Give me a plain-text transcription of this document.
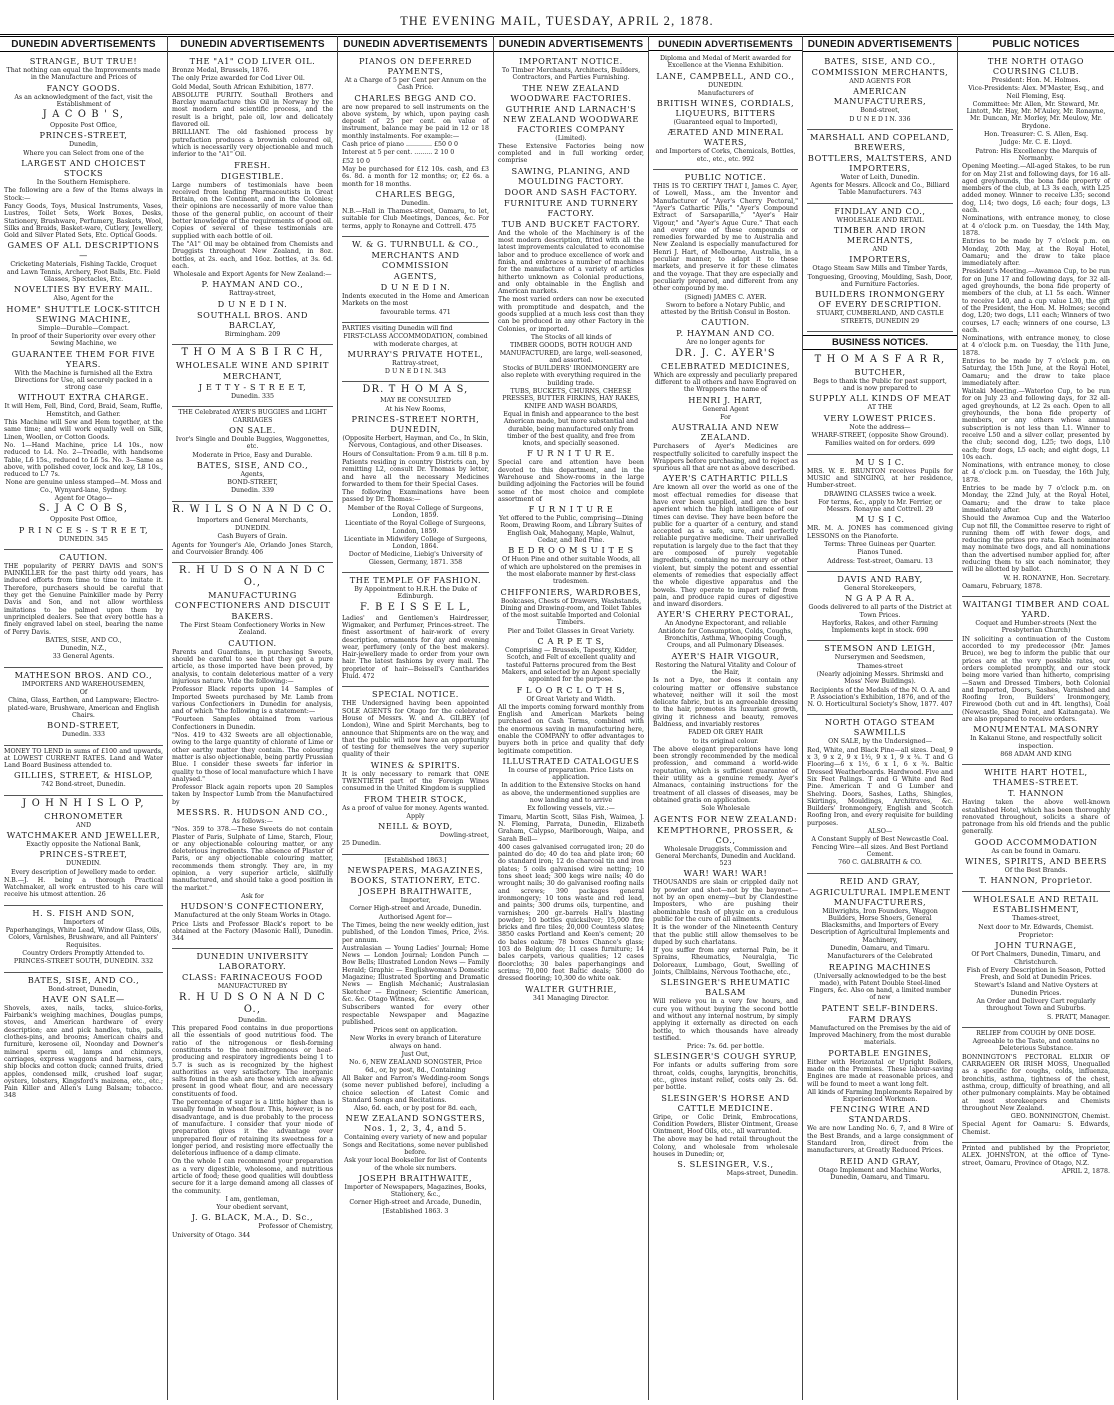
THE EVENING MAIL, TUESDAY, APRIL 2, 1878.
DUNEDIN ADVERTISEMENTS

STRANGE, BUT TRUE!

That nothing can equal the Improvements made in the Manufacture and Prices of

FANCY GOODS.

As an acknowledgment of the fact, visit the Establishment of

J A C O B ' S,

Opposite Post Office,

PRINCES-STREET,

Dunedin,

Where you can Select from one of the

LARGEST AND CHOICEST STOCKS

In the Southern Hemisphere.

The following are a few of the Items always in Stock:—

Fancy Goods, Toys, Musical Instruments, Vases, Lustres, Toilet Sets, Work Boxes, Desks, Stationery, Brushware, Perfumery, Baskets, Wool, Silks and Braids, Basket-ware, Cutlery, Jewellery, Gold and Silver Plated Sets, Etc. Optical Goods.

GAMES OF ALL DESCRIPTIONS—

Cricketing Materials, Fishing Tackle, Croquet and Lawn Tennis, Archery, Foot Balls, Etc. Field Glasses, Spectacles, Etc.

NOVELTIES BY EVERY MAIL.

Also, Agent for the

HOME" SHUTTLE LOCK-STITCH SEWING MACHINE,

Simple—Durable—Compact.

In proof of their Superiority over every other Sewing Machine, we

GUARANTEE THEM FOR FIVE YEARS.

With the Machine is furnished all the Extra Directions for Use, all securely packed in a strong case

WITHOUT EXTRA CHARGE.

It will Hem, Fell, Bind, Cord, Braid, Seam, Ruffle, Hemstitch, and Gather.

This Machine will Sew and Hem together, at the same time; and will work equally well on Silk, Linen, Woollen, or Cotton Goods.

No. 1—Hand Machine, price L4 10s., now reduced to L4. No. 2—Treadle, with handsome Table, L6 15s., reduced to L6 5s. No. 3—Same as above, with polished cover, lock and key, L8 10s., reduced to L7 7s.

None are genuine unless stamped—M. Moss and Co., Wynyard-lane, Sydney.

Agent for Otago—

S. J A C O B S,

Opposite Post Office,

P R I N C E S - S T R E E T,

DUNEDIN. 345

CAUTION.

THE popularity of PERRY DAVIS and SON'S PAINKILLER for the past thirty odd years, has induced efforts from time to time to imitate it. Therefore, purchasers should be careful that they get the Genuine Painkiller made by Perry Davis and Son, and not allow worthless imitations to be palmed upon them by unprincipled dealers. See that every bottle has a finely engraved label on steel, bearing the name of Perry Davis.

BATES, SISE, AND CO.,

Dunedin, N.Z.,

33 General Agents.

MATHESON BROS. AND CO.,

IMPORTERS AND WAREHOUSEMEN,

Of

China, Glass, Earthen, and Lampware; Electro-plated-ware, Brushware, American and English Chairs.

BOND-STREET,

Dunedin. 333

MONEY TO LEND in sums of £100 and upwards, at LOWEST CURRENT RATES. Land and Water Land Board Business attended to.

GILLIES, STREET, & HISLOP,

742 Bond-street, Dunedin.

J O H N H I S L O P,

CHRONOMETER

AND

WATCHMAKER AND JEWELLER,

Exactly opposite the National Bank,

PRINCES-STREET,

DUNEDIN.

Every description of Jewellery made to order.

N.B.—J. H. being a thorough Practical Watchmaker, all work entrusted to his care will receive his utmost attention. 26

H. S. FISH AND SON,

Importers of

Paperhangings, White Lead, Window Glass, Oils, Colors, Varnishes, Brushware, and all Painters' Requisites.

Country Orders Promptly Attended to.

PRINCES-STREET SOUTH, DUNEDIN. 332

BATES, SISE, AND CO.,

Bond-street, Dunedin,

HAVE ON SALE—

Shovels, axes, nails, tacks, sluice-forks, Fairbank's weighing machines, Douglas pumps, stoves, and American hardware of every description; axe and pick handles, tubs, pails, clothes-pins, and brooms; American chairs and furniture, kerosene oil, Noonday and Downer's mineral sperm oil, lamps and chimneys, carriages, express waggons and harness, cars, ship blocks and cotton duck; canned fruits, dried apples, condensed milk, crushed loaf sugar, oysters, lobsters, Kingsford's maizena, etc., etc.; Pain Killer and Allen's Lung Balsam; tobacco. 348

DUNEDIN ADVERTISEMENTS

THE "A1" COD LIVER OIL.

Bronze Medal, Brussels, 1876.

The only Prize awarded for Cod Liver Oil.

Gold Medal, South African Exhibition, 1877.

ABSOLUTE PURITY. Southall Brothers and Barclay manufacture this Oil in Norway by the most modern and scientific process, and the result is a bright, pale oil, low and delicately flavored oil.

BRILLIANT. The old fashioned process by putrefaction produces a brownish coloured oil, which is necessarily very objectionable and much inferior to the "A1" Oil.

FRESH.

DIGESTIBLE.

Large numbers of testimonials have been received from leading Pharmaceutists in Great Britain, on the Continent, and in the Colonies; their opinions are necessarily of more value than those of the general public, on account of their better knowledge of the requirements of good oil. Copies of several of these testimonials are supplied with each bottle of oil.

The "A1" Oil may be obtained from Chemists and Druggists throughout New Zealand, in 8oz. bottles, at 2s. each, and 16oz. bottles, at 3s. 6d. each.

Wholesale and Export Agents for New Zealand:—

P. HAYMAN AND CO.,

Rattray-street,

D U N E D I N.

SOUTHALL BROS. AND BARCLAY,

Birmingham. 209

T H O M A S B I R C H,

WHOLESALE WINE AND SPIRIT

MERCHANT,

J E T T Y - S T R E E T,

Dunedin. 335

THE Celebrated AYER'S BUGGIES and LIGHT CARRIAGES

ON SALE.

Ivor's Single and Double Buggies, Waggonettes, etc.

Moderate in Price, Easy and Durable.

BATES, SISE, AND CO.,

Agents,

BOND-STREET,

Dunedin. 339

R. W I L S O N A N D C O.

Importers and General Merchants,

DUNEDIN.

Cash Buyers of Grain.

Agents for Younger's Ale, Orlando Jones Starch, and Courvoisier Brandy. 406

R. H U D S O N A N D C O.,

MANUFACTURING CONFECTIONERS AND DISCUIT

BAKERS.

The First Steam Confectionery Works in New Zealand.

CAUTION.

Parents and Guardians, in purchasing Sweets, should be careful to see that they get a pure article, as those imported have been proved, by analysis, to contain deleterious matter of a very injurious nature. Vide the following:—

Professor Black reports upon 14 Samples of Imported Sweets purchased by Mr. Lamb from various Confectioners in Dunedin for analysis, and of which "the following is a statement:—

"Fourteen Samples obtained from various Confectioners in Dunedin.

"Nos. 419 to 432 Sweets are all objectionable, owing to the large quantity of chlorate of Lime or other earthy matter they contain. The colouring matter is also objectionable, being partly Prussian Blue. I consider these sweets far inferior in quality to those of local manufacture which I have analysed."

Professor Black again reports upon 20 Samples taken by Inspector Lumb from the Manufactured by

MESSRS. R. HUDSON AND CO.,

As follows:—

"Nos. 359 to 378.—These Sweets do not contain Plaster of Paris, Sulphate of Lime, Starch, Flour, or any objectionable colouring matter, or any deleterious ingredients. The absence of Plaster of Paris, or any objectionable colouring matter, recommends them strongly. They are, in my opinion, a very superior article, skilfully manufactured, and should take a good position in the market."

Ask for

HUDSON'S CONFECTIONERY,

Manufactured at the only Steam Works in Otago.

Price Lists and Professor Black's report to be obtained at the Factory (Masonic Hall), Dunedin. 344

DUNEDIN UNIVERSITY LABORATORY.

CLASS: FARINACEOUS FOOD

MANUFACTURED BY

R. H U D S O N A N D C O.,

Dunedin.

This prepared Food contains in due proportions all the essentials of good nutritious food. The ratio of the nitrogenous or flesh-forming constituents to the non-nitrogenous or heat-producing and respiratory ingredients being 1 to 5.7 is such as is recognized by the highest authorities as very satisfactory. The inorganic salts found in the ash are those which are always present in good wheat flour, and are necessary constituents of food.

The percentage of sugar is a little higher than is usually found in wheat flour. This, however, is no disadvantage, and is due probably to the process of manufacture. I consider that your mode of preparation gives it the advantage over unprepared flour of retaining its sweetness for a longer period, and resisting more effectually the deleterious influence of a damp climate.

On the whole I can recommend your preparation as a very digestible, wholesome, and nutritious article of food; these good qualities will doubtless secure for it a large demand among all classes of the community.

I am, gentleman,

Your obedient servant,

J. G. BLACK, M.A., D. Sc.,

Professor of Chemistry,

University of Otago. 344

DUNEDIN ADVERTISEMENTS

PIANOS ON DEFERRED PAYMENTS,

At a Charge of 5 per Cent per Annum on the Cash Price.

CHARLES BEGG AND CO.

are now prepared to sell instruments on the above system, by which, upon paying cash deposit of 25 per cent. on value of instrument, balance may be paid in 12 or 18 monthly instalments. For example:—

Cash price of piano ............. £50 0 0

Interest at 5 per cent. ......... 2 10 0

£52 10 0

May be purchased for £12 10s. cash, and £3 6s. 8d. a month for 12 months; or, £2 6s. a month for 18 months.

CHARLES BEGG,

Dunedin.

N.B.—Hall in Thames-street, Oamaru, to let, suitable for Club Meetings, Dances, &c. For terms, apply to Ronayne and Cottrell. 475

W. & G. TURNBULL & CO.,

MERCHANTS AND COMMISSION

AGENTS,

D U N E D I N.

Indents executed in the Home and American Markets on the most

favourable terms. 471

PARTIES visiting Dunedin will find

FIRST-CLASS ACCOMMODATION, combined with moderate charges, at

MURRAY'S PRIVATE HOTEL,

Rattray-street,

D U N E D I N. 343

DR. T H O M A S,

MAY BE CONSULTED

At his New Rooms,

PRINCES-STREET NORTH, DUNEDIN,

(Opposite Herbert, Hayman, and Co., In Skin, Nervous, Contagious, and other Diseases.

Hours of Consultation: From 9 a.m. till 8 p.m.

Patients residing in country Districts can, by remitting L2, consult Dr. Thomas by letter, and have all the necessary Medicines forwarded to them for their Special Cases.

The following Examinations have been passed by Dr. Thomas:—

Member of the Royal College of Surgeons, London, 1859.

Licentiate of the Royal College of Surgeons, London, 1859.

Licentiate in Midwifery College of Surgeons, London, 1864.

Doctor of Medicine, Liebig's University of Giessen, Germany, 1871. 358

THE TEMPLE OF FASHION.

By Appointment to H.R.H. the Duke of Edinburgh.

F. B E I S S E L L,

Ladies' and Gentlemen's Hairdresser, Wigmaker, and Perfumer, Princes-street. The finest assortment of hair-work of every description, ornaments for day and evening wear, perfumery (only of the best makers). Hair-jewellery made to order from your own hair. The latest fashions by every mail. The proprietor of hair—Beissell's Cantharides Fluid. 472

SPECIAL NOTICE.

THE Undersigned having been appointed SOLE AGENTS for Otago for the celebrated House of Messrs. W. and A. GILBEY (of London), Wine and Spirit Merchants, beg to announce that Shipments are on the way, and that the public will now have an opportunity of testing for themselves the very superior quality of their

WINES & SPIRITS.

It is only necessary to remark that ONE TWENTIETH part of the Foreign Wines consumed in the United Kingdom is supplied

FROM THEIR STOCK,

As a proof of value for money. Agents wanted.

Apply

NEILL & BOYD,

Dowling-street,

25 Dunedin.

[Established 1863.]

NEWSPAPERS, MAGAZINES, BOOKS, STATIONERY, ETC.

JOSEPH BRAITHWAITE,

Importer,

Corner High-street and Arcade, Dunedin.

Authorised Agent for—

The Times, being the new weekly edition, just published, of the London Times, Price, 2½s. per annum.

Australasian — Young Ladies' Journal; Home News — London Journal; London Punch — Bow Bells; Illustrated London News — Family Herald; Graphic — Englishwoman's Domestic Magazine; Illustrated Sporting and Dramatic News — English Mechanic; Australasian Sketcher — Engineer; Scientific American, &c. &c. Otago Witness, &c.

Subscribers wanted for every other respectable Newspaper and Magazine published.

Prices sent on application.

New Works in every branch of Literature always on hand.

Just Out,

No. 6, NEW ZEALAND SONGSTER, Price 6d., or, by post, 8d., Containing

All Baker and Farron's Wedding-room Songs (some never published before), including a choice selection of Latest Comic and Standard Songs and Recitations.

Also, 6d. each, or by post for 8d. each,

NEW ZEALAND SONGSTERS, Nos. 1, 2, 3, 4, and 5.

Containing every variety of new and popular Songs and Recitations, some never published before.

Ask your local Bookseller for list of Contents of the whole six numbers.

JOSEPH BRAITHWAITE,

Importer of Newspapers, Magazines, Books, Stationery, &c.,

Corner High-street and Arcade, Dunedin,

[Established 1863. 3

DUNEDIN ADVERTISEMENTS

IMPORTANT NOTICE.

To Timber Merchants, Architects, Builders, Contractors, and Parties Furnishing.

THE NEW ZEALAND WOODWARE FACTORIES.

GUTHRIE AND LARNACH'S NEW ZEALAND WOODWARE FACTORIES COMPANY

(Limited).

These Extensive Factories being now completed and in full working order, comprise

SAWING, PLANING, AND MOULDING FACTORY.

DOOR AND SASH FACTORY.

FURNITURE AND TURNERY FACTORY.

TUB AND BUCKET FACTORY.

And the whole of the Machinery is of the most modern description, fitted with all the latest improvements calculated to economise labor and to produce excellence of work and finish, and embraces a number of machines for the manufacture of a variety of articles hitherto unknown as Colonial productions, and only obtainable in the English and American markets.

The most varied orders can now be executed with promptitude and despatch, and the goods supplied at a much less cost than they can be produced in any other Factory in the Colonies, or imported.

The Stocks of all kinds of

TIMBER GOODS, BOTH ROUGH AND MANUFACTURED, are large, well-seasoned, and assorted.

Stocks of BUILDERS' IRONMONGERY are also replete with everything required in the building trade.

TUBS, BUCKETS, CHURNS, CHEESE PRESSES, BUTTER FIRKINS, HAY RAKES, KNIFE AND WASH BOARDS,

Equal in finish and appearance to the best American made, but more substantial and durable, being manufactured only from timber of the best quality, and free from knots, and specially seasoned.

F U R N I T U R E.

Special care and attention have been devoted to this department, and in the Warehouse and Show-rooms in the large building adjoining the Factories will be found some of the most choice and complete assortment of

F U R N I T U R E

Yet offered to the Public, comprising—Dining Room, Drawing Room, and Library Suites of English Oak, Mahogany, Maple, Walnut, Cedar, and Red Pine.

B E D R O O M S U I T E S

Of Huon Pine and other suitable Woods, all of which are upholstered on the premises in the most elaborate manner by first-class tradesmen.

CHIFFONIERS, WARDROBES,

Bookcases, Chests of Drawers, Washstands, Dining and Drawing-room, and Toilet Tables of the most suitable Imported and Colonial Timbers.

Pier and Toilet Glasses in Great Variety.

C A R P E T S,

Comprising — Brussels, Tapestry, Kidder, Scotch, and Felt of excellent quality and tasteful Patterns procured from the Best Makers, and selected by an Agent specially appointed for the purpose.

F L O O R C L O T H S,

Of Great Variety and Width.

All the imports coming forward monthly from English and American Markets being purchased on Cash Terms, combined with the enormous saving in manufacturing here, enable the COMPANY to offer advantages to buyers both in price and quality that defy legitimate competition.

ILLUSTRATED CATALOGUES

In course of preparation. Price Lists on application.

In addition to the Extensive Stocks on hand as above, the undermentioned supplies are now landing and to arrive

Ex following vessels, viz.:—

Timaru, Martin Scott, Silas Fish, Waimea, J. N. Fleming, Parrata, Dunedin, Elizabeth Graham, Calypso, Marlborough, Waipa, and Sarah Bell—

400 cases galvanised corrugated iron; 20 do painted do do; 40 do tea and plate iron; 60 do standard iron; 12 do charcoal tin and iron plates; 5 coils galvanised wire netting; 10 tons sheet lead; 300 kegs wire nails; 40 do wrought nails; 30 do galvanised roofing nails and screws; 390 packages general ironmongery; 10 tons waste and red lead, and paints; 300 drums oils, turpentine, and varnishes; 200 gr.-barrels Hall's blasting powder; 10 bottles quicksilver; 15,000 fire bricks and fire tiles; 20,000 Countess slates; 3850 casks Portland and Keen's cement; 20 do bales oakum; 78 boxes Chance's glass; 103 do Belgium do; 11 cases furniture; 14 bales carpets, various qualities; 12 cases floorcloths; 30 bales paperhangings and scrims; 70,000 feet Baltic deals; 5000 do dressed flooring; 10,300 do white oak.

WALTER GUTHRIE,

341 Managing Director.

DUNEDIN ADVERTISEMENTS

Diploma and Medal of Merit awarded for Excellence at the Vienna Exhibition.

LANE, CAMPBELL, AND CO.,

DUNEDIN.

Manufacturers of

BRITISH WINES, CORDIALS, LIQUEURS, BITTERS

(Guaranteed equal to Imported),

ÆRATED AND MINERAL WATERS,

and Importers of Corks, Chemicals, Bottles, etc., etc., etc. 992

PUBLIC NOTICE.

THIS IS TO CERTIFY THAT I, James C. Ayer, of Lowell, Mass., am the Inventor and Manufacturer of "Ayer's Cherry Pectoral," "Ayer's Cathartic Pills," "Ayer's Compound Extract of Sarsaparilla," "Ayer's Hair Vigour," and "Ayer's Ague Cure." That each and every one of these compounds or remedies forwarded by me to Australia and New Zealand is especially manufactured for Henri J. Hart, of Melbourne, Australia, in a peculiar manner, to adapt it to these markets, and preserve it for these climates and the voyage. That they are especially and peculiarly prepared, and different from any other compound by me.

(Signed) JAMES C. AYER.

Sworn to before a Notary Public, and attested by the British Consul in Boston.

CAUTION.

P. HAYMAN AND CO.

Are no longer agents for

DR. J. C. AYER'S

CELEBRATED MEDICINES,

Which are expressly and peculiarly prepared different to all others and have Engraved on the Wrappers the name of

HENRI J. HART,

General Agent

For

AUSTRALIA AND NEW ZEALAND.

Purchasers of Ayer's Medicines are respectfully solicited to carefully inspect the Wrappers before purchasing, and to reject as spurious all that are not as above described.

AYER'S CATHARTIC PILLS

Are known all over the world as one of the most effectual remedies for disease that have ever been supplied, and are the best aperient which the high intelligence of our times can devise. They have been before the public for a quarter of a century, and stand accepted as a safe, sure, and perfectly reliable purgative medicine. Their unrivalled reputation is largely due to the fact that they are composed of purely vegetable ingredients, containing no mercury or other violent, but simply the potent and essential elements of remedies that especially affect the whole digestive apparatus and the bowels. They operate to impart relief from pain, and produce rapid cures of digestive and inward disorders.

AYER'S CHERRY PECTORAL,

An Anodyne Expectorant, and reliable Antidote for Consumption, Colds, Coughs, Bronchitis, Asthma, Whooping Cough, Croups, and all Pulmonary Diseases.

AYER'S HAIR VIGOUR,

Restoring the Natural Vitality and Colour of the Hair,

Is not a Dye, nor does it contain any colouring matter or offensive substance whatever, neither will it soil the most delicate fabric, but is an agreeable dressing to the hair, promotes its luxuriant growth, giving it richness and beauty, removes Baldness, and invariably restores

FADED OR GREY HAIR

to its original colour.

The above elegant preparations have long been strongly recommended by the medical profession, and command a world-wide reputation, which is sufficient guarantee of their utility as a genuine remedy. Ayer's Almanacs, containing instructions for the treatment of all classes of diseases, may be obtained gratis on application.

Sole Wholesale

AGENTS FOR NEW ZEALAND:

KEMPTHORNE, PROSSER, & CO.,

Wholesale Druggists, Commission and General Merchants, Dunedin and Auckland. 523

WAR! WAR! WAR!

THOUSANDS are slain or crippled daily not by powder and shot—not by the bayonet—not by an open enemy—but by Clandestine Imposters, who are pushing their abominable trash of physic on a credulous public for the cure of all ailments.

It is the wonder of the Nineteenth Century that the public still allow themselves to be duped by such charlatans.

If you suffer from any external Pain, be it Sprains, Rheumatics, Neuralgia, Tic Doloreaux, Lumbago, Gout, Swelling of Joints, Chilblains, Nervous Toothache, etc.,

SLESINGER'S RHEUMATIC BALSAM

Will relieve you in a very few hours, and cure you without buying the second bottle and without any internal nostrum, by simply applying it externally as directed on each bottle, to which thousands have already testified.

Price: 7s. 6d. per bottle.

SLESINGER'S COUGH SYRUP,

For infants or adults suffering from sore throat, colds, coughs, laryngitis, bronchitis, etc., gives instant relief, costs only 2s. 6d. per bottle.

SLESINGER'S HORSE AND CATTLE MEDICINE.

Gripe, or Colic Drink, Embrocations, Condition Powders, Blister Ointment, Grease Ointment, Hoof Oils, etc., all warranted.

The above may be had retail throughout the Colony, and wholesale from wholesale houses in Dunedin; or,

S. SLESINGER, V.S.,

Maps-street, Dunedin.

DUNEDIN ADVERTISEMENTS

BATES, SISE, AND CO.,

COMMISSION MERCHANTS,

AND AGENTS FOR

AMERICAN MANUFACTURERS,

Bond-street,

D U N E D I N. 336

MARSHALL AND COPELAND, BREWERS,

BOTTLERS, MALTSTERS, AND IMPORTERS,

Water of Leith, Dunedin.

Agents for Messrs. Allcock and Co., Billiard Table Manufacturers. 743

FINDLAY AND CO.,

WHOLESALE AND RETAIL

TIMBER AND IRON MERCHANTS,

AND

IMPORTERS,

Otago Steam Saw Mills and Timber Yards,

Tonguesing, Grooving, Moulding, Sash, Door, and Furniture Factories.

BUILDERS IRONMONGERY OF EVERY DESCRIPTION.

STUART, CUMBERLAND, AND CASTLE STREETS, DUNEDIN 29

BUSINESS NOTICES.

T H O M A S F A R R,

BUTCHER,

Begs to thank the Public for past support, and is now prepared to

SUPPLY ALL KINDS OF MEAT

AT THE

VERY LOWEST PRICES.

Note the address—

WHARF-STREET, (opposite Show Ground).

Families waited on for orders. 699

M U S I C.

MRS. W. E. BRUNTON receives Pupils for MUSIC and SINGING, at her residence, Humber-street.

DRAWING CLASSES twice a week.

For terms, &c., apply to Mr. Ferrier, or Messrs. Ronayne and Cottrell. 29

M U S I C.

MR. M. A. JONES has commenced giving LESSONS on the Pianoforte.

Terms: Three Guineas per Quarter.

Pianos Tuned.

Address: Test-street, Oamaru. 13

DAVIS AND RABY,

General Storekeepers,

N G A P A R A.

Goods delivered to all parts of the District at Town Prices.

Hayforks, Rakes, and other Farming Implements kept in stock. 690

STEMSON AND LEIGH,

Nurserymen and Seedsmen,

Thames-street

(Nearly adjoining Messrs. Shrimski and Moss' New Buildings).

Recipients of the Medals of the N. O. A. and P. Association's Exhibition, 1876, and of the N. O. Horticultural Society's Show, 1877. 407

NORTH OTAGO STEAM SAWMILLS

ON SALE, by the Undersigned—

Red, White, and Black Pine—all sizes. Deal, 9 x 3, 9 x 2, 9 x 1½, 9 x 1, 9 x ¾. T and G Flooring—6 x 1½, 6 x 1, 6 x ¾. Baltic Dressed Weatherboards. Hardwood. Five and Six Feet Palings. T and G White and Red Pine. American T and G Lumber and Shelving. Doors, Sashes, Laths, Shingles, Skirtings, Mouldings, Architraves, &c. Builders' Ironmongery, English and Scotch Roofing Iron, and every requisite for building purposes.

ALSO—

A Constant Supply of Best Newcastle Coal. Fencing Wire—all sizes. And Best Portland Cement.

760 C. GALBRAITH & CO.

REID AND GRAY,

AGRICULTURAL IMPLEMENT MANUFACTURERS,

Millwrights, Iron Founders, Waggon Builders, Horse Shoers, General Blacksmiths, and Importers of Every Description of Agricultural Implements and Machinery,

Dunedin, Oamaru, and Timaru.

Manufacturers of the Celebrated

REAPING MACHINES

(Universally acknowledged to be the best made), with Patent Double Steel-lined Fingers, &c. Also on hand, a limited number of new

PATENT SELF-BINDERS.

FARM DRAYS

Manufactured on the Premises by the aid of Improved Machinery, from the most durable materials.

PORTABLE ENGINES,

Either with Horizontal or Upright Boilers, made on the Premises. These labour-saving Engines are made at reasonable prices, and will be found to meet a want long felt.

All kinds of Farming Implements Repaired by Experienced Workmen.

FENCING WIRE AND STANDARDS.

We are now Landing No. 6, 7, and 8 Wire of the Best Brands, and a large consignment of Standard Iron, direct from the manufacturers, at Greatly Reduced Prices.

REID AND GRAY,

Otago Implement and Machine Works, Dunedin, Oamaru, and Timaru.

PUBLIC NOTICES

THE NORTH OTAGO COURSING CLUB.

President: Hon. M. Holmes.

Vice-Presidents: Alex. M'Master, Esq., and Neil Fleming, Esq.

Committee: Mr. Allen, Mr. Steward, Mr. Lintott, Mr. Hay, Mr. M'Auley, Mr. Ronayne, Mr. Duncan, Mr. Morley, Mr. Meulow, Mr. Brydone.

Hon. Treasurer: C. S. Allen, Esq.

Judge: Mr. C. E. Lloyd.

Patron: His Excellency the Marquis of Normanby.

Opening Meeting.—All-aged Stakes, to be run for on May 21st and following days, for 16 all-aged greyhounds, the bona fide property of members of the club, at L3 3s each, with L25 added money. Winner to receive L35; second dog, L14; two dogs, L6 each; four dogs, L3 each.

Nominations, with entrance money, to close at 4 o'clock p.m. on Tuesday, the 14th May, 1878.

Entries to be made by 7 o'clock p.m. on Monday, 20th May, at the Royal Hotel, Oamaru; and the draw to take place immediately after.

President's Meeting.—Awamoa Cup, to be run for on June 17 and following days, for 32 all-aged greyhounds, the bona fide property of members of the club, at L1 5s each. Winner to receive L40, and a cup value L30, the gift of the President, the Hon. M. Holmes; second dog, L20; two dogs, L11 each; Winners of two courses, L7 each; winners of one course, L3 each.

Nominations, with entrance money, to close at 4 o'clock p.m. on Tuesday, the 11th June, 1878.

Entries to be made by 7 o'clock p.m. on Saturday, the 15th June, at the Royal Hotel, Oamaru; and the draw to take place immediately after.

Waitaki Meeting.—Waterloo Cup, to be run for on July 23 and following days, for 32 all-aged greyhounds, at L2 2s each. Open to all greyhounds, the bona fide property of members, or any others whose annual subscription is not less than L1. Winner to receive L50 and a silver collar, presented by the club; second dog, L25; two dogs, L10 each; four dogs, L5 each; and eight dogs, L1 10s each.

Nominations, with entrance money, to close at 4 o'clock p.m. on Tuesday, the 16th July, 1878.

Entries to be made by 7 o'clock p.m. on Monday, the 22nd July, at the Royal Hotel, Oamaru; and the draw to take place immediately after.

Should the Awamoa Cup and the Waterloo Cup not fill, the Committee reserve to right of running them off with fewer dogs, and reducing the prizes pro rata. Each nominator may nominate two dogs, and all nominations than the advertised number applied for, after reducing them to six each nominator, they will be allotted by ballot.

W. H. RONAYNE, Hon. Secretary.

Oamaru, February, 1878.

WAITANGI TIMBER AND COAL YARD.

Coquet and Humber-streets (Next the Presbyterian Church)

IN soliciting a continuation of the Custom accorded to my predecessor (Mr. James Bruce), we beg to inform the public that our prices are at the very possible rates, our orders completed promptly, and our stock being more varied than hitherto, comprising—Sawn and Dressed Timbers, both Colonial and Imported, Doors, Sashes, Varnished and Roofing Iron, Builders' Ironmongery, Firewood (both cut and in 4ft. lengths), Coal (Newcastle, Shag Point, and Kaitangata). We are also prepared to receive orders.

MONUMENTAL MASONRY

In Kakanui Stone, and respectfully solicit inspection.

868 ADAM AND KING

WHITE HART HOTEL, THAMES-STREET.

T. HANNON

Having taken the above well-known established Hotel, which has been thoroughly renovated throughout, solicits a share of patronage from his old friends and the public generally.

GOOD ACCOMMODATION

As can be found in Oamaru.

WINES, SPIRITS, AND BEERS

Of the Best Brands.

T. HANNON, Proprietor.

WHOLESALE AND RETAIL ESTABLISHMENT,

Thames-street,

Next door to Mr. Edwards, Chemist.

Proprietor:

JOHN TURNAGE,

Of Port Chalmers, Dunedin, Timaru, and Christchurch.

Fish of Every Description in Season, Potted Fresh, and Sold at Dunedin Prices.

Stewart's Island and Native Oysters at Dunedin Prices.

An Order and Delivery Cart regularly throughout Town and Suburbs.

S. PRATT, Manager.

RELIEF from COUGH by ONE DOSE.

Agreeable to the Taste, and contains no Deleterious Substance.

BONNINGTON'S PECTORAL ELIXIR OF CARRAGEEN OR IRISH MOSS, Unequalled as a specific for coughs, colds, influenza, bronchitis, asthma, tightness of the chest, asthma, croup, difficulty of breathing, and all other pulmonary complaints. May be obtained at most storekeepers and Chemists throughout New Zealand.

GEO. BONNINGTON, Chemist.

Special Agent for Oamaru: S. Edwards, Chemist.

Printed and published by the Proprietor, ALEX. JOHNSTON, at the office of Tyne-street, Oamaru, Province of Otago, N.Z.

APRIL 2, 1878.
